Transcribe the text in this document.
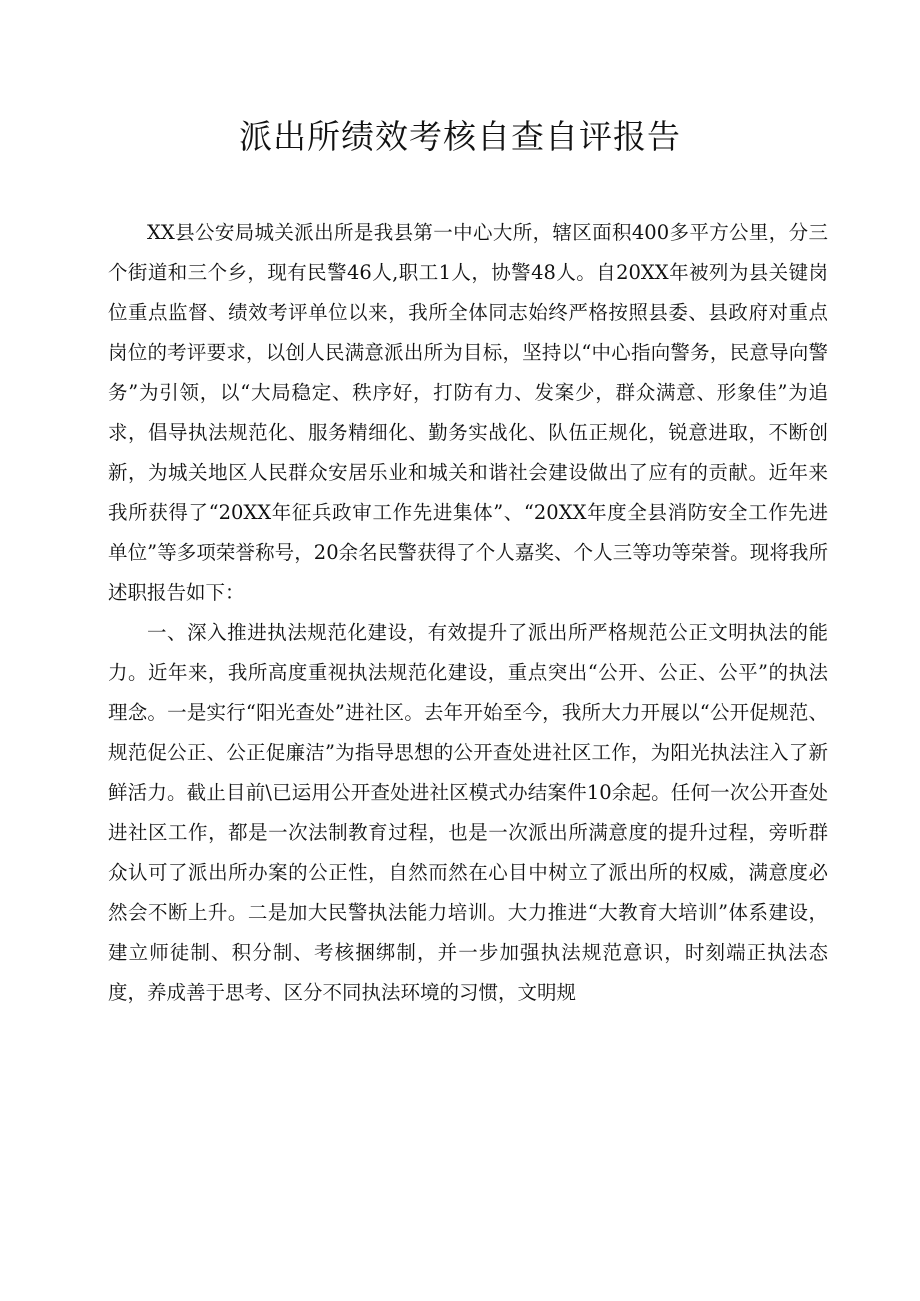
派出所绩效考核自查自评报告

XX县公安局城关派出所是我县第一中心大所，辖区面积400多平方公里，分三个街道和三个乡，现有民警46人,职工1人，协警48人。自20XX年被列为县关键岗位重点监督、绩效考评单位以来，我所全体同志始终严格按照县委、县政府对重点岗位的考评要求，以创人民满意派出所为目标，坚持以“中心指向警务，民意导向警务”为引领，以“大局稳定、秩序好，打防有力、发案少，群众满意、形象佳”为追求，倡导执法规范化、服务精细化、勤务实战化、队伍正规化，锐意进取，不断创新，为城关地区人民群众安居乐业和城关和谐社会建设做出了应有的贡献。近年来我所获得了“20XX年征兵政审工作先进集体”、“20XX年度全县消防安全工作先进单位”等多项荣誉称号，20余名民警获得了个人嘉奖、个人三等功等荣誉。现将我所述职报告如下：

一、深入推进执法规范化建设，有效提升了派出所严格规范公正文明执法的能力。近年来，我所高度重视执法规范化建设，重点突出“公开、公正、公平”的执法理念。一是实行“阳光查处”进社区。去年开始至今，我所大力开展以“公开促规范、规范促公正、公正促廉洁”为指导思想的公开查处进社区工作，为阳光执法注入了新鲜活力。截止目前\已运用公开查处进社区模式办结案件10余起。任何一次公开查处进社区工作，都是一次法制教育过程，也是一次派出所满意度的提升过程，旁听群众认可了派出所办案的公正性，自然而然在心目中树立了派出所的权威，满意度必然会不断上升。二是加大民警执法能力培训。大力推进“大教育大培训”体系建设，建立师徒制、积分制、考核捆绑制，并一步加强执法规范意识，时刻端正执法态度，养成善于思考、区分不同执法环境的习惯，文明规
